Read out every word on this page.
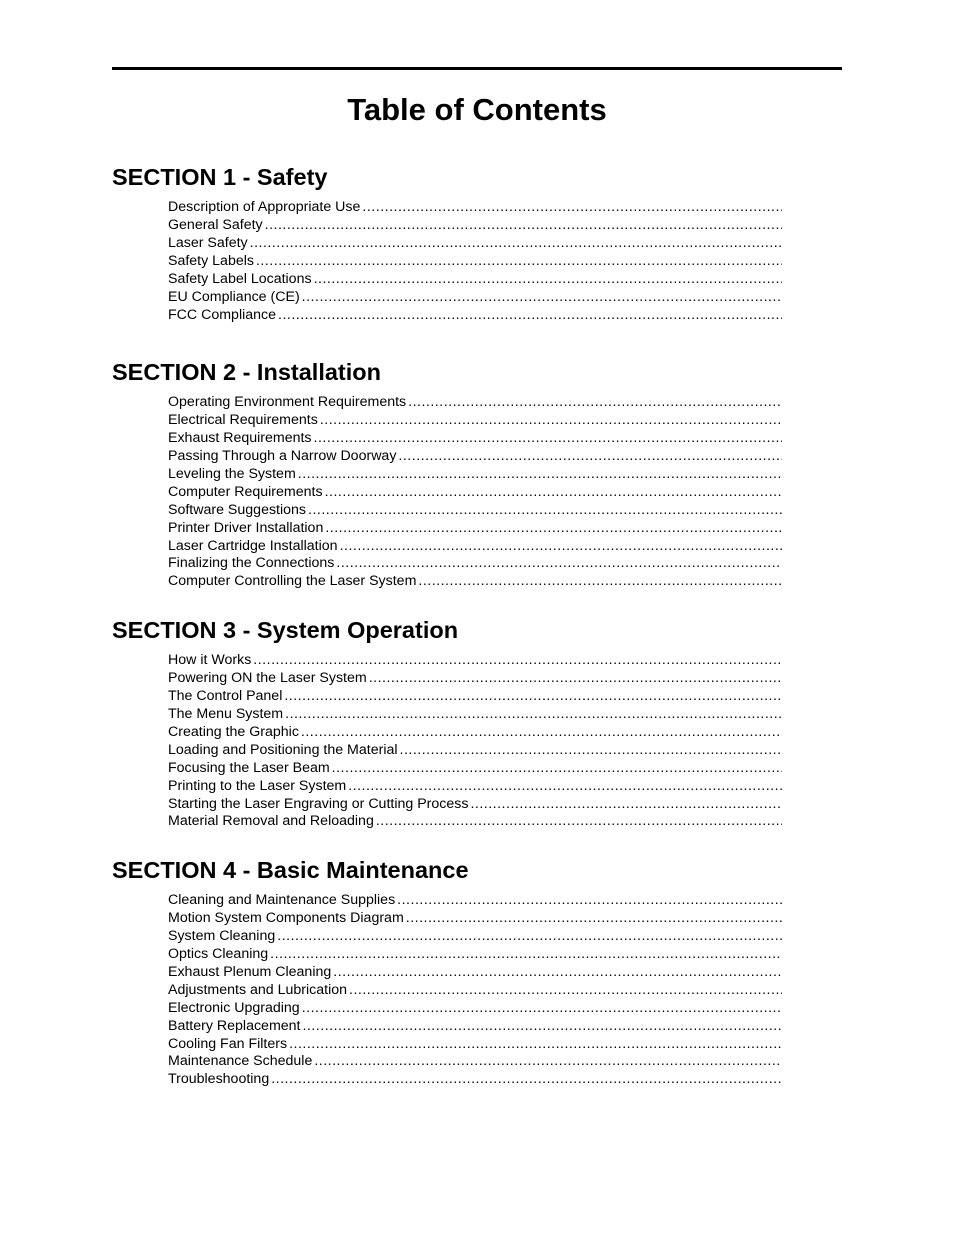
Table of Contents
SECTION 1 - Safety
Description of Appropriate Use
.....
General Safety
.....
Laser Safety
.....
Safety Labels
.....
Safety Label Locations
.....
EU Compliance (CE)
.....
FCC Compliance
.....
SECTION 2 - Installation
Operating Environment Requirements
.....
Electrical Requirements
.....
Exhaust Requirements
.....
Passing Through a Narrow Doorway
.....
Leveling the System
.....
Computer Requirements
.....
Software Suggestions
.....
Printer Driver Installation
.....
Laser Cartridge Installation
.....
Finalizing the Connections
.....
Computer Controlling the Laser System
.....
SECTION 3 - System Operation
How it Works
.....
Powering ON the Laser System
.....
The Control Panel
.....
The Menu System
.....
Creating the Graphic
.....
Loading and Positioning the Material
.....
Focusing the Laser Beam
.....
Printing to the Laser System
.....
Starting the Laser Engraving or Cutting Process
.....
Material Removal and Reloading
.....
SECTION 4 - Basic Maintenance
Cleaning and Maintenance Supplies
.....
Motion System Components Diagram
.....
System Cleaning
.....
Optics Cleaning
.....
Exhaust Plenum Cleaning
.....
Adjustments and Lubrication
.....
Electronic Upgrading
.....
Battery Replacement
.....
Cooling Fan Filters
.....
Maintenance Schedule
.....
Troubleshooting
.....
